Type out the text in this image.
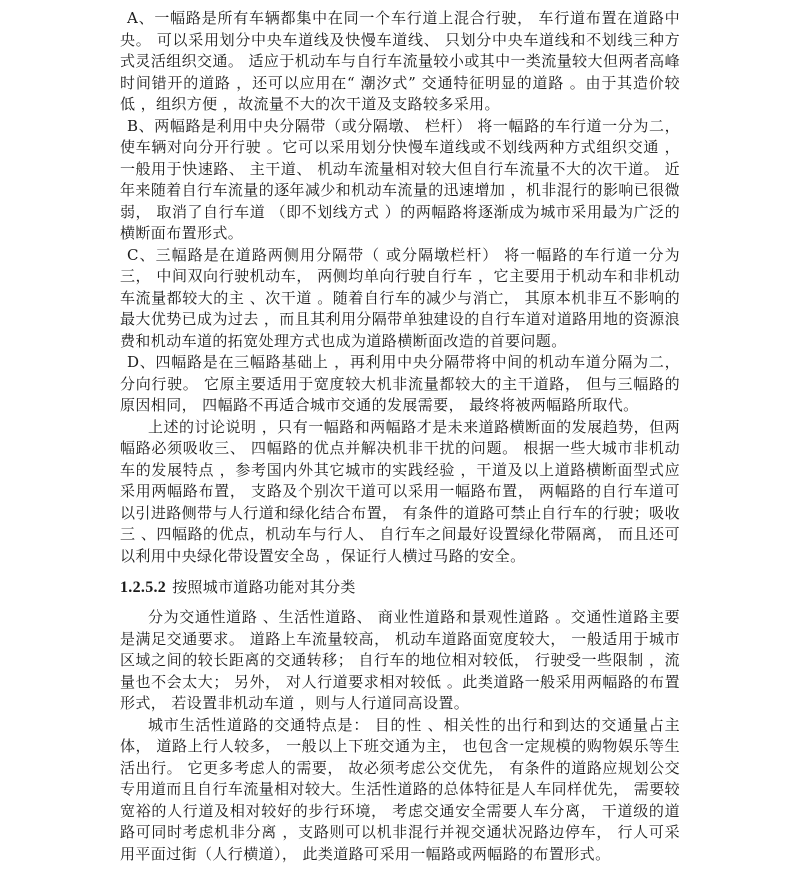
A、一幅路是所有车辆都集中在同一个车行道上混合行驶， 车行道布置在道路中央。 可以采用划分中央车道线及快慢车道线、 只划分中央车道线和不划线三种方式灵活组织交通。 适应于机动车与自行车流量较小或其中一类流量较大但两者高峰时间错开的道路 ，还可以应用在“ 潮汐式” 交通特征明显的道路 。由于其造价较低 ，组织方便 ，故流量不大的次干道及支路较多采用。

B、两幅路是利用中央分隔带（或分隔墩、 栏杆） 将一幅路的车行道一分为二， 使车辆对向分开行驶 。它可以采用划分快慢车道线或不划线两种方式组织交通 ，一般用于快速路、 主干道、 机动车流量相对较大但自行车流量不大的次干道。 近年来随着自行车流量的逐年减少和机动车流量的迅速增加 ，机非混行的影响已很微弱， 取消了自行车道 （即不划线方式 ）的两幅路将逐渐成为城市采用最为广泛的横断面布置形式。

C、三幅路是在道路两侧用分隔带（ 或分隔墩栏杆） 将一幅路的车行道一分为三， 中间双向行驶机动车， 两侧均单向行驶自行车 ，它主要用于机动车和非机动车流量都较大的主 、次干道 。随着自行车的减少与消亡， 其原本机非互不影响的最大优势已成为过去 ，而且其利用分隔带单独建设的自行车道对道路用地的资源浪费和机动车道的拓宽处理方式也成为道路横断面改造的首要问题。

D、四幅路是在三幅路基础上 ，再利用中央分隔带将中间的机动车道分隔为二，分向行驶。 它原主要适用于宽度较大机非流量都较大的主干道路， 但与三幅路的原因相同， 四幅路不再适合城市交通的发展需要， 最终将被两幅路所取代。

上述的讨论说明 ，只有一幅路和两幅路才是未来道路横断面的发展趋势，但两幅路必须吸收三、 四幅路的优点并解决机非干扰的问题。 根据一些大城市非机动车的发展特点 ，参考国内外其它城市的实践经验 ，干道及以上道路横断面型式应采用两幅路布置， 支路及个别次干道可以采用一幅路布置， 两幅路的自行车道可以引进路侧带与人行道和绿化结合布置， 有条件的道路可禁止自行车的行驶；吸收三 、四幅路的优点，机动车与行人、 自行车之间最好设置绿化带隔离， 而且还可以利用中央绿化带设置安全岛 ，保证行人横过马路的安全。

1.2.5.2 按照城市道路功能对其分类

分为交通性道路 、生活性道路、 商业性道路和景观性道路 。交通性道路主要是满足交通要求。 道路上车流量较高， 机动车道路面宽度较大， 一般适用于城市区域之间的较长距离的交通转移； 自行车的地位相对较低， 行驶受一些限制 ，流量也不会太大； 另外， 对人行道要求相对较低 。此类道路一般采用两幅路的布置形式， 若设置非机动车道 ，则与人行道同高设置。

城市生活性道路的交通特点是： 目的性 、相关性的出行和到达的交通量占主体， 道路上行人较多， 一般以上下班交通为主， 也包含一定规模的购物娱乐等生活出行。 它更多考虑人的需要， 故必须考虑公交优先， 有条件的道路应规划公交专用道而且自行车流量相对较大。生活性道路的总体特征是人车同样优先， 需要较宽裕的人行道及相对较好的步行环境， 考虑交通安全需要人车分离， 干道级的道路可同时考虑机非分离 ，支路则可以机非混行并视交通状况路边停车， 行人可采用平面过街（人行横道）， 此类道路可采用一幅路或两幅路的布置形式。
